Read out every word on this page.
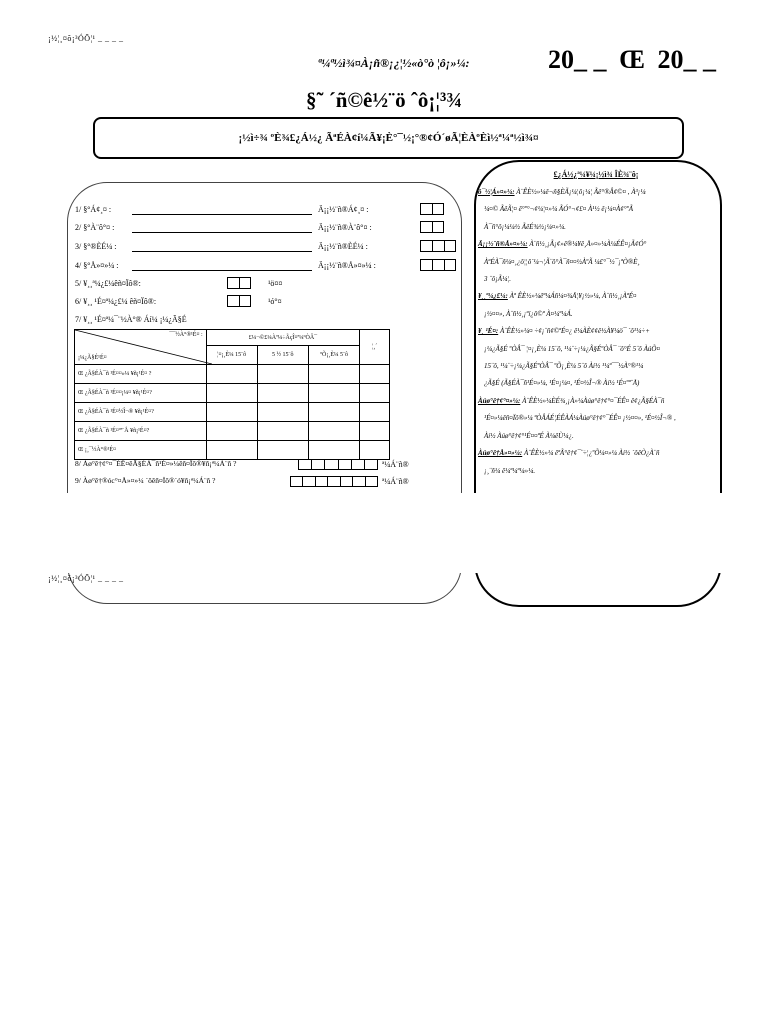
¡½¦¸¤õ¡³ÓÕ¦¹ _ _ _ _
ª¼ª½ì¾¤À¡ñ®¡¿¦½«ò°ò ¦ô¡»¼:	20_ _ Œ 20_ _
§˜ ´ñ©ê½¨ö ˆô¡¦³¾
¡½ì÷¾ ºÈ¾£¿Á½¿ ÃªÉÀ¢í¼Ã¥¡È°¯½¡°®¢Ó´øÃ¦ÈÀºÈì½ª¼ª½ì¾¤
1/ §°Á¢¸¤ :	Ä¡¡½¨ñ®Á¢¸¤ :
2/ §°À¨ô°¤ :	Ä¡¡½¨ñ®À¨ô°¤ :
3/ §°®ÈÉ¼ :	Ä¡¡½¨ñ®ÈÉ¼ :
4/ §°Å»¤»¼ :	Ä¡¡½¨ñ®Å»¤»¼ :
5/ ¥¸¸ª¼¿£¼êñ¤Ïô®:	¹ö¤¤
6/ ¥¸¸ ¹É¤ª¼¿£¼ êñ¤Ïô®:	¹ó°¤
7/ ¥¸¸ ¹É¤ª¼¯¨½À°® Áí¼ ¡¼¿Ã§É
¯¯½À°®¹É¤ :
¡¼¿Ã§É¹É¤	£¼¬©£¼Àª¼÷ÃçÎ¤ª¼ºÒÂ¯			¦¸´
	¦¤¡¸È¼ 15¨ô	5 ½ 15¨ô	ºÕ¡¸È¼ 5¨ô	
Œ ¿Ã§ÉÀ¯ñ ¹É¤¤»¼ ¥ñ¡¹É¤ ?				
Œ ¿Ã§ÉÀ¯ñ ¹É¤¤¡¼¤ ¥ñ¡¹É¤?				
Œ ¿Ã§ÉÀ¯ñ ¹É¤½Î¬® ¥ñ¡¹É¤?				
Œ ¿Ã§ÉÀ¯ñ ¹É¤ºª¨Å ¥ñ¡¹É¤?				
Œ ¡¸¯½À°®¹É¤				
8/ Àø°ê†¢°¤¯ÉÊ¤êÃ§ÉÀ¯ñ¹É¤»¼êñ¤Ïô®¥ñ¡ª¼Á¨ñ ?	ª¼Á¨ñ®
9/ Àø°ê†®óc°¤Å»¤»¼ ´ôêñ¤Ïô®´ó¥ñ¡ª¼Á¨ñ ?	ª¼Á¨ñ®
£¿Á½¿ª¼¥¼¡½ì¾ ÎÈ¾¨ô¡
ô¯½¦Á»¤»¼: À¨ÊÈ½»¼ê¬ñ§ÈÃ¡¼¦ô¡¼¦ Ãê°®Â¢©¤ , À³¡¼
¼¤© ÃêÃ¦¤ ê°º°¬¢¼¦¤»¼ ÃÓ°¬¢£¤ À¹½ ê¡¼¤À¢°ºÃ
À¯ñ°ô¡¼¼½ ÃêÉ¾½¡¼¤»¼.
Ä¡¡½¨ñ®Å»¤»¼: À¨ñ½¸¡Ã¡¢»ê®¼¥ê¸Å»¤»¼À¼ÉÊ¤¡Ã¢Ó°
ÀªÉÀ¯ñ¼¤¸¿ô¦¦ô´¼¬¦Ã¨ô°À¯ñ¤¤½ÀºÃ ¼£°¯½¯¡ªÒ®È¸
3 ¨ô¡Ã¼¦.
¥¸¸ª¼¿£¼: Àª ÊÈ½»¼êª¼Áñ¼¤¾Ä¦¥¡½»¼, À¨ñ½¸¡ÀªÉ¤
¡½¤¤», À¨ñ½¸¡ªí¿ô©ª À¤¼ª¼Á.
¥¸ ¹É¤: À¨ÊÈ½»¼¤ ÷¢¡¨ñ¢©ªÉ¤¿ ê¼ÀÈ¢¢ê½À¥¼ö¯ ´ô¹¼÷+
¡¼¿Ã§É ºÒÂ¯ ¦¤¡¸È¼ 15¨ô, ¹¼¨÷¡¼¿Ã§ÉºÒÂ¯ ¨ô°É 5¨ô ÀúÕ¤
15¨ô, ¹¼¨÷¡¼¿Ã§ÉºÒÂ¯ ºÕ¡¸È¼ 5¨ô Àí½ ¹¼ª¯¯½À°®¹¼
¿Ã§É (Ã§ÉÀ¯ñ¹É¤»¼, ¹É¤¡¼¤, ¹É¤½Î¬® Àí½ ¹É¤ºª¨Å)
Àúø°ê†¢°¤»¼: À¨ÊÈ½»¼ÈÉ¾¸¡À»¼Àúø°ê†¢°¤¯ÉÊ¤ ê¢¿Ã§ÉÀ¯ñ
¹É¤»¼êñ¤Ïô®»¼ ªÒÂÁÉ¦ÉÊÀÁ¼Àúø°ê†¢°¯ÉÊ¤ ¡½¤¤», ¹É¤½Î¬® ,
Àí½ Àúø°ê†¢°¹É¤¤ªÉ À¼êÙ¼¿.
Àúø°ê†Å»¤»¼: À¨ÊÈ½»¼ êªÃ°ê†¢¯¨÷¦¿ºÕ¼¤»¼ Àí½ ´ôêÒ¿À¨ñ
¡¸¨ñ¼ ê¼ª¼ª¼»¼.
¡½¦¸¤õ¡³ÓÕ¦¹ _ _ _ _
